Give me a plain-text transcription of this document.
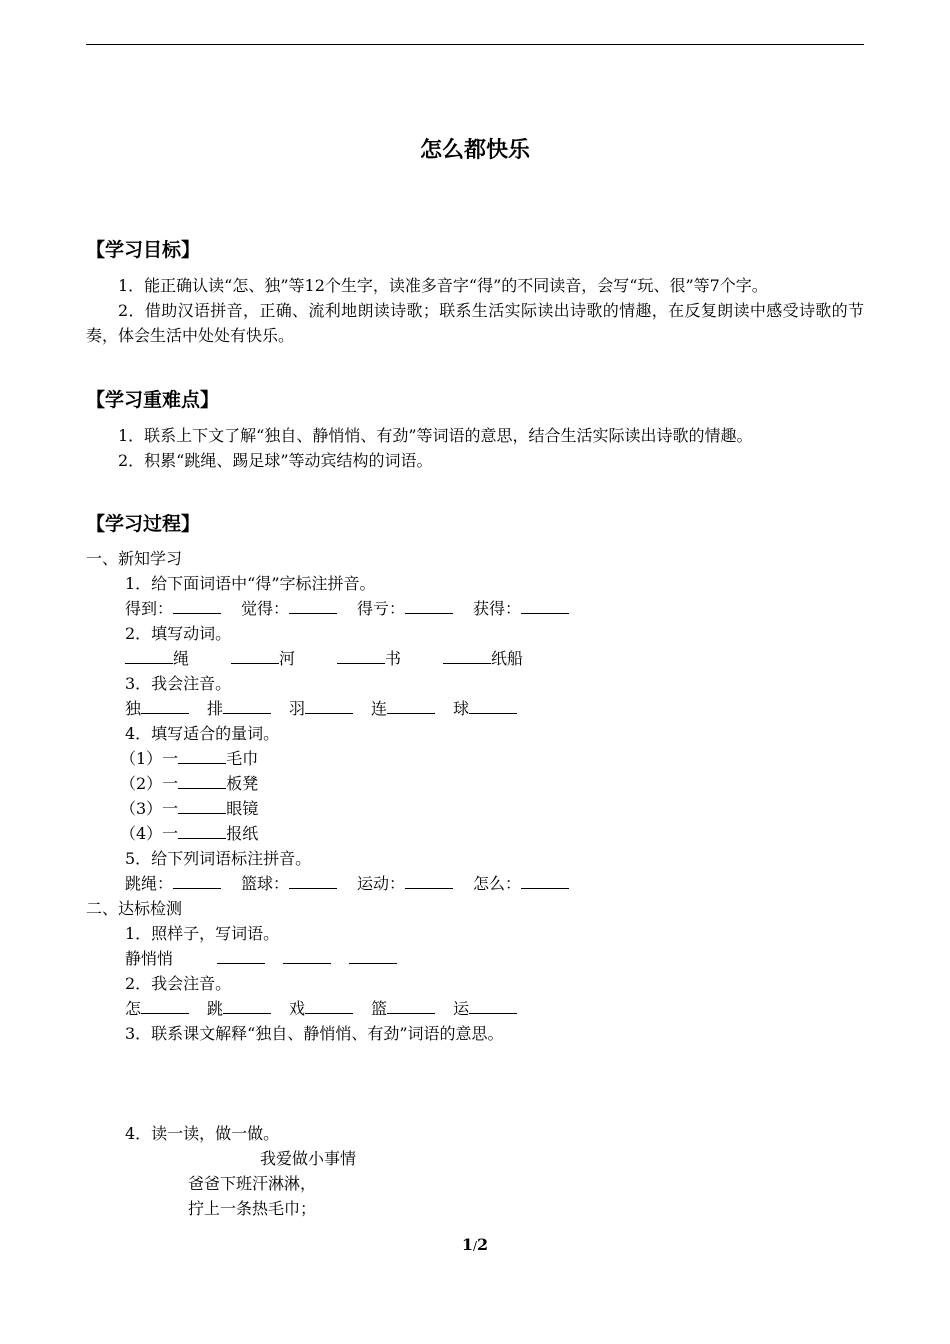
怎么都快乐

【学习目标】

1．能正确认读“怎、独”等12个生字，读准多音字“得”的不同读音，会写“玩、很”等7个字。

2．借助汉语拼音，正确、流利地朗读诗歌；联系生活实际读出诗歌的情趣，在反复朗读中感受诗歌的节奏，体会生活中处处有快乐。

【学习重难点】

1．联系上下文了解“独自、静悄悄、有劲”等词语的意思，结合生活实际读出诗歌的情趣。

2．积累“跳绳、踢足球”等动宾结构的词语。

【学习过程】

一、新知学习

1．给下面词语中“得”字标注拼音。

得到：	觉得：	得亏：	获得：

2．填写动词。

绳	河	书	纸船

3．我会注音。

独	排	羽	连	球

4．填写适合的量词。

（1）一	毛巾

（2）一	板凳

（3）一	眼镜

（4）一	报纸

5．给下列词语标注拼音。

跳绳：	篮球：	运动：	怎么：

二、达标检测

1．照样子，写词语。

静悄悄

2．我会注音。

怎	跳	戏	篮	运

3．联系课文解释“独自、静悄悄、有劲”词语的意思。

4．读一读，做一做。

我爱做小事情

爸爸下班汗淋淋，

拧上一条热毛巾；

1/2
